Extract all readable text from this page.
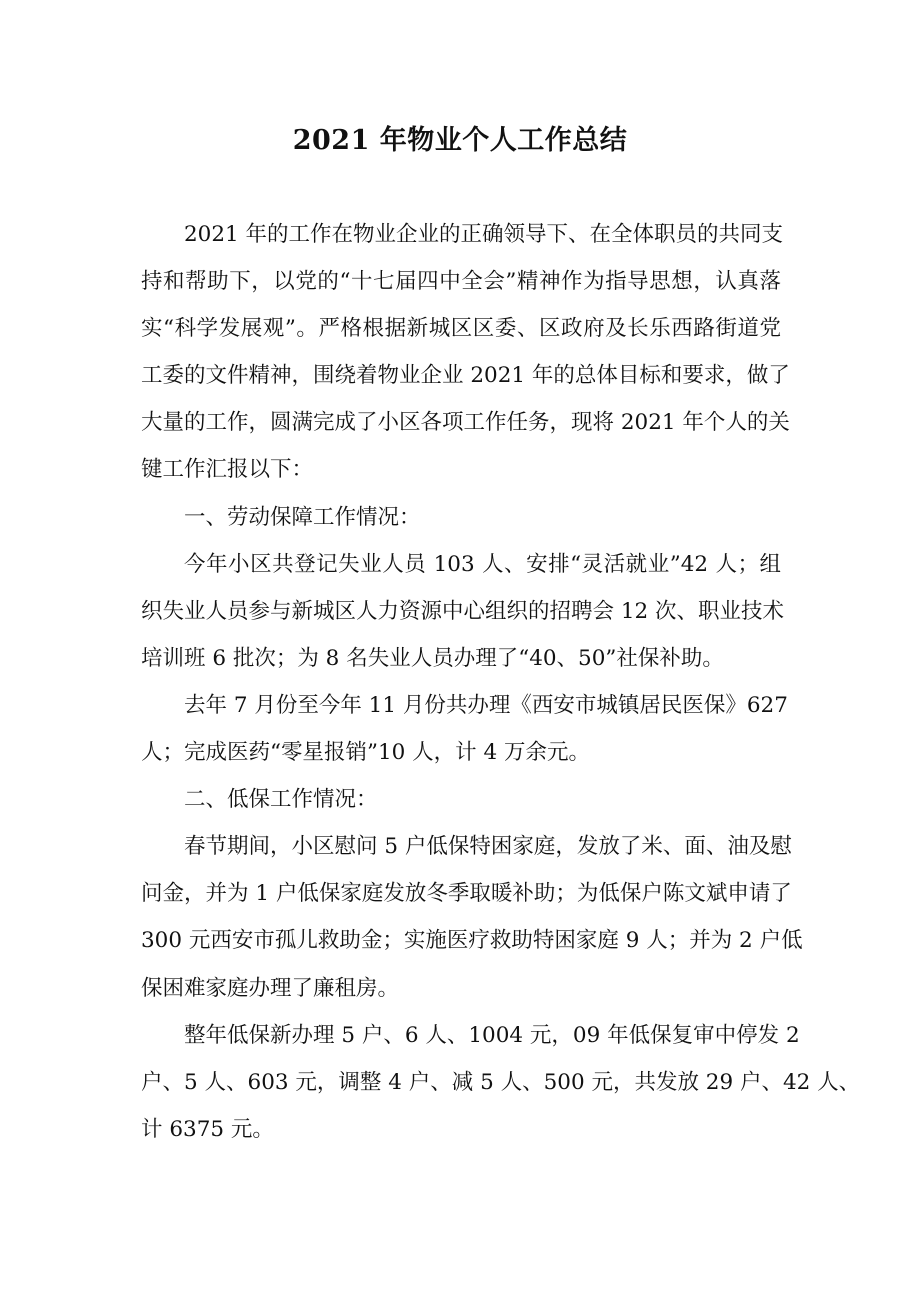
2021 年物业个人工作总结
2021 年的工作在物业企业的正确领导下、在全体职员的共同支
持和帮助下，以党的“十七届四中全会”精神作为指导思想，认真落
实“科学发展观”。严格根据新城区区委、区政府及长乐西路街道党
工委的文件精神，围绕着物业企业 2021 年的总体目标和要求，做了
大量的工作，圆满完成了小区各项工作任务，现将 2021 年个人的关
键工作汇报以下：
一、劳动保障工作情况：
今年小区共登记失业人员 103 人、安排“灵活就业”42 人；组
织失业人员参与新城区人力资源中心组织的招聘会 12 次、职业技术
培训班 6 批次；为 8 名失业人员办理了“40、50”社保补助。
去年 7 月份至今年 11 月份共办理《西安市城镇居民医保》627
人；完成医药“零星报销”10 人，计 4 万余元。
二、低保工作情况：
春节期间，小区慰问 5 户低保特困家庭，发放了米、面、油及慰
问金，并为 1 户低保家庭发放冬季取暖补助；为低保户陈文斌申请了
300 元西安市孤儿救助金；实施医疗救助特困家庭 9 人；并为 2 户低
保困难家庭办理了廉租房。
整年低保新办理 5 户、6 人、1004 元，09 年低保复审中停发 2
户、5 人、603 元，调整 4 户、减 5 人、500 元，共发放 29 户、42 人、
计 6375 元。
